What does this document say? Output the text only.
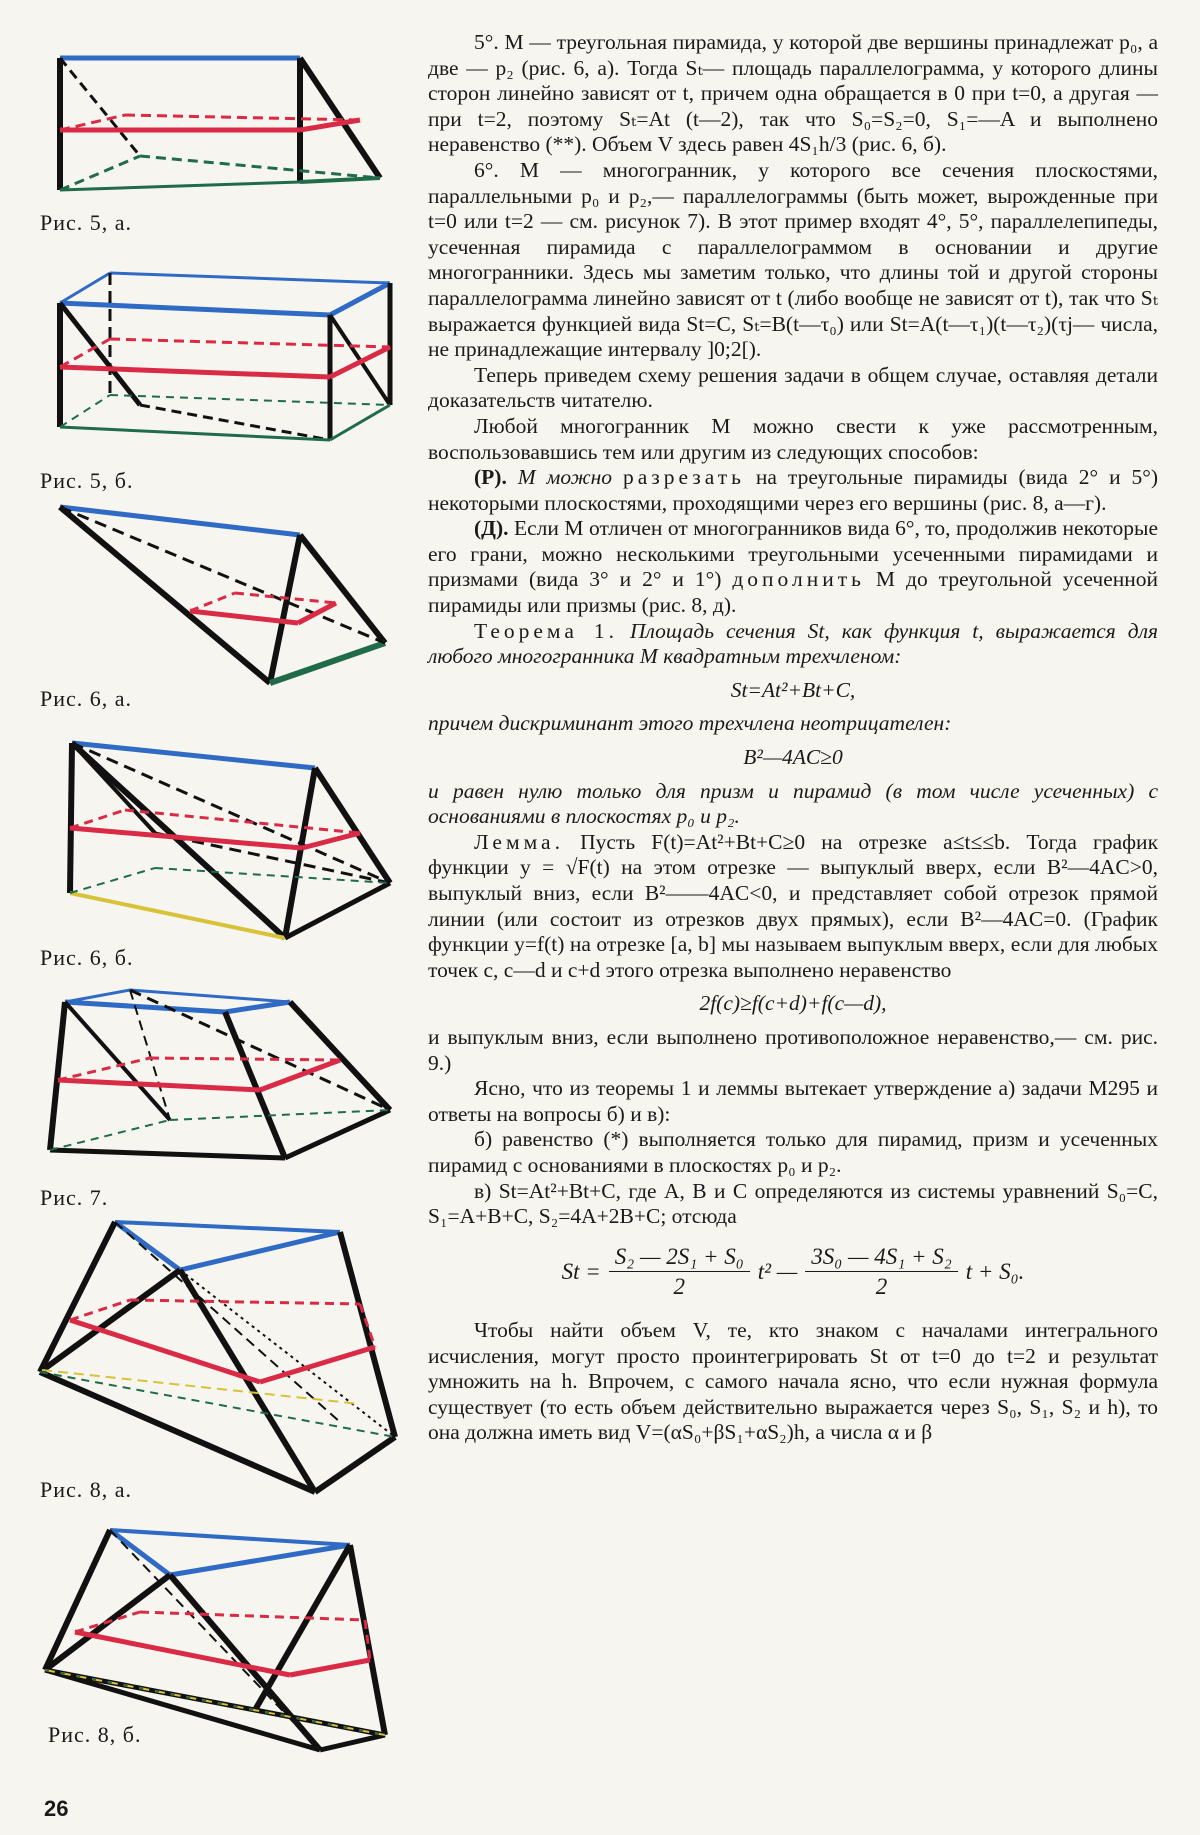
Рис. 5, а.
Рис. 5, б.
Рис. 6, а.
Рис. 6, б.
Рис. 7.
Рис. 8, а.
Рис. 8, б.
26

5°. M — треугольная пирамида, у которой две вершины принадлежат p₀, а две — p₂ (рис. 6, а). Тогда Sₜ— площадь параллелограмма, у которого длины сторон линейно зависят от t, причем одна обращается в 0 при t=0, а другая — при t=2, поэтому Sₜ=At (t—2), так что S₀=S₂=0, S₁=—A и выполнено неравенство (**). Объем V здесь равен 4S₁h/3 (рис. 6, б).

6°. M — многогранник, у которого все сечения плоскостями, параллельными p₀ и p₂,— параллелограммы (быть может, вырожденные при t=0 или t=2 — см. рисунок 7). В этот пример входят 4°, 5°, параллелепипеды, усеченная пирамида с параллелограммом в основании и другие многогранники. Здесь мы заметим только, что длины той и другой стороны параллелограмма линейно зависят от t (либо вообще не зависят от t), так что Sₜ выражается функцией вида St=C, Sₜ=B(t—τ₀) или St=A(t—τ₁)(t—τ₂)(τj— числа, не принадлежащие интервалу ]0;2[).

Теперь приведем схему решения задачи в общем случае, оставляя детали доказательств читателю.

Любой многогранник M можно свести к уже рассмотренным, воспользовавшись тем или другим из следующих способов:

(Р). M можно разрезать на треугольные пирамиды (вида 2° и 5°) некоторыми плоскостями, проходящими через его вершины (рис. 8, а—г).

(Д). Если M отличен от многогранников вида 6°, то, продолжив некоторые его грани, можно несколькими треугольными усеченными пирамидами и призмами (вида 3° и 2° и 1°) дополнить M до треугольной усеченной пирамиды или призмы (рис. 8, д).

Теорема 1. Площадь сечения St, как функция t, выражается для любого многогранника M квадратным трехчленом:

St=At²+Bt+C,

причем дискриминант этого трехчлена неотрицателен:

B²—4AC≥0

и равен нулю только для призм и пирамид (в том числе усеченных) с основаниями в плоскостях p₀ и p₂.

Лемма. Пусть F(t)=At²+Bt+C≥0 на отрезке a≤t≤≤b. Тогда график функции y = √F(t) на этом отрезке — выпуклый вверх, если B²—4AC>0, выпуклый вниз, если B²——4AC<0, и представляет собой отрезок прямой линии (или состоит из отрезков двух прямых), если B²—4AC=0. (График функции y=f(t) на отрезке [a, b] мы называем выпуклым вверх, если для любых точек c, c—d и c+d этого отрезка выполнено неравенство

2f(c)≥f(c+d)+f(c—d),

и выпуклым вниз, если выполнено противоположное неравенство,— см. рис. 9.)

Ясно, что из теоремы 1 и леммы вытекает утверждение а) задачи M295 и ответы на вопросы б) и в):

б) равенство (*) выполняется только для пирамид, призм и усеченных пирамид с основаниями в плоскостях p₀ и p₂.

в) St=At²+Bt+C, где A, B и C определяются из системы уравнений S₀=C, S₁=A+B+C, S₂=4A+2B+C; отсюда

$St = \frac{\text{S₂ — 2S₁ + S₀}}{2} t^2$ — $\frac{\text{3S₀ — 4S₁ + S₂}}{2}$ t + S₀.

Чтобы найти объем V, те, кто знаком с началами интегрального исчисления, могут просто проинтегрировать St от t=0 до t=2 и результат умножить на h. Впрочем, с самого начала ясно, что если нужная формула существует (то есть объем действительно выражается через S₀, S₁, S₂ и h), то она должна иметь вид V=(αS₀+βS₁+αS₂)h, а числа α и β
